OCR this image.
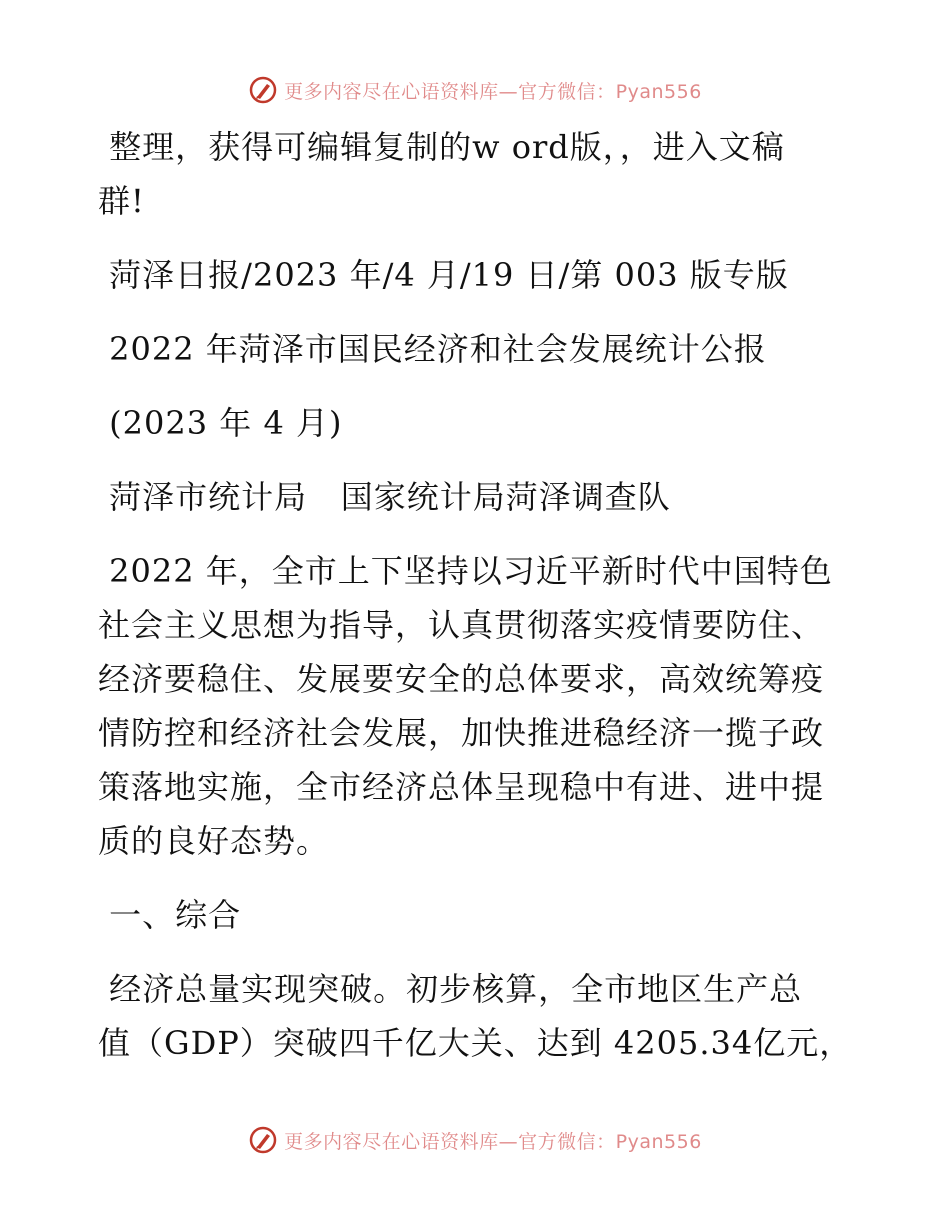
更多内容尽在心语资料库—官方微信：Pyan556

整理，获得可编辑复制的w ord版，，进入文稿

群!

菏泽日报/2023 年/4 月/19 日/第 003 版专版

2022 年菏泽市国民经济和社会发展统计公报

(2023 年 4 月)

菏泽市统计局   国家统计局菏泽调查队

2022 年，全市上下坚持以习近平新时代中国特色

社会主义思想为指导，认真贯彻落实疫情要防住、

经济要稳住、发展要安全的总体要求，高效统筹疫

情防控和经济社会发展，加快推进稳经济一揽子政

策落地实施，全市经济总体呈现稳中有进、进中提

质的良好态势。

一、综合

经济总量实现突破。初步核算，全市地区生产总

值（GDP）突破四千亿大关、达到 4205.34亿元，

更多内容尽在心语资料库—官方微信：Pyan556
